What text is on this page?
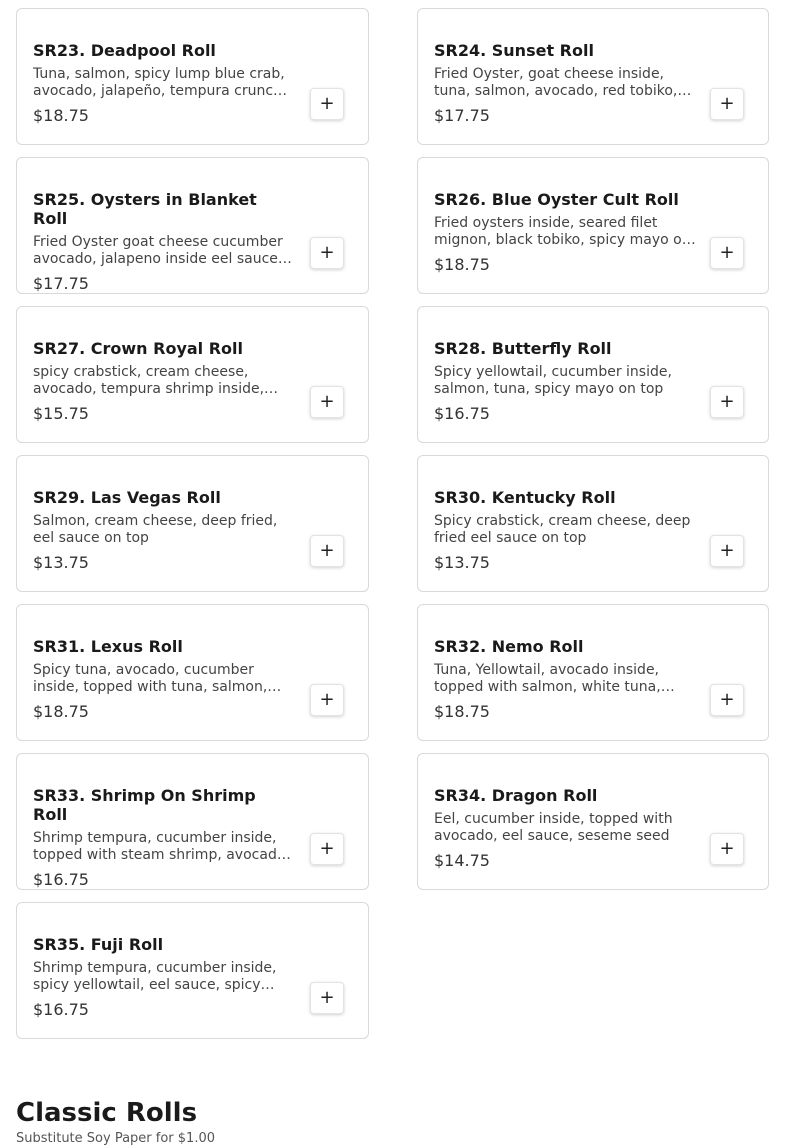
SR23. Deadpool Roll
Tuna, salmon, spicy lump blue crab, avocado, jalapeño, tempura crunch,
$18.75
+
SR24. Sunset Roll
Fried Oyster, goat cheese inside, tuna, salmon, avocado, red tobiko,
$17.75
+
SR25. Oysters in Blanket Roll
Fried Oyster goat cheese cucumber avocado, jalapeno inside eel sauce
$17.75
+
SR26. Blue Oyster Cult Roll
Fried oysters inside, seared filet mignon, black tobiko, spicy mayo on
$18.75
+
SR27. Crown Royal Roll
spicy crabstick, cream cheese, avocado, tempura shrimp inside,
$15.75
+
SR28. Butterfly Roll
Spicy yellowtail, cucumber inside, salmon, tuna, spicy mayo on top
$16.75
+
SR29. Las Vegas Roll
Salmon, cream cheese, deep fried, eel sauce on top
$13.75
+
SR30. Kentucky Roll
Spicy crabstick, cream cheese, deep fried eel sauce on top
$13.75
+
SR31. Lexus Roll
Spicy tuna, avocado, cucumber inside, topped with tuna, salmon,
$18.75
+
SR32. Nemo Roll
Tuna, Yellowtail, avocado inside, topped with salmon, white tuna,
$18.75
+
SR33. Shrimp On Shrimp Roll
Shrimp tempura, cucumber inside, topped with steam shrimp, avocado,
$16.75
+
SR34. Dragon Roll
Eel, cucumber inside, topped with avocado, eel sauce, seseme seed
$14.75
+
SR35. Fuji Roll
Shrimp tempura, cucumber inside, spicy yellowtail, eel sauce, spicy
$16.75
+
Classic Rolls

Substitute Soy Paper for $1.00
